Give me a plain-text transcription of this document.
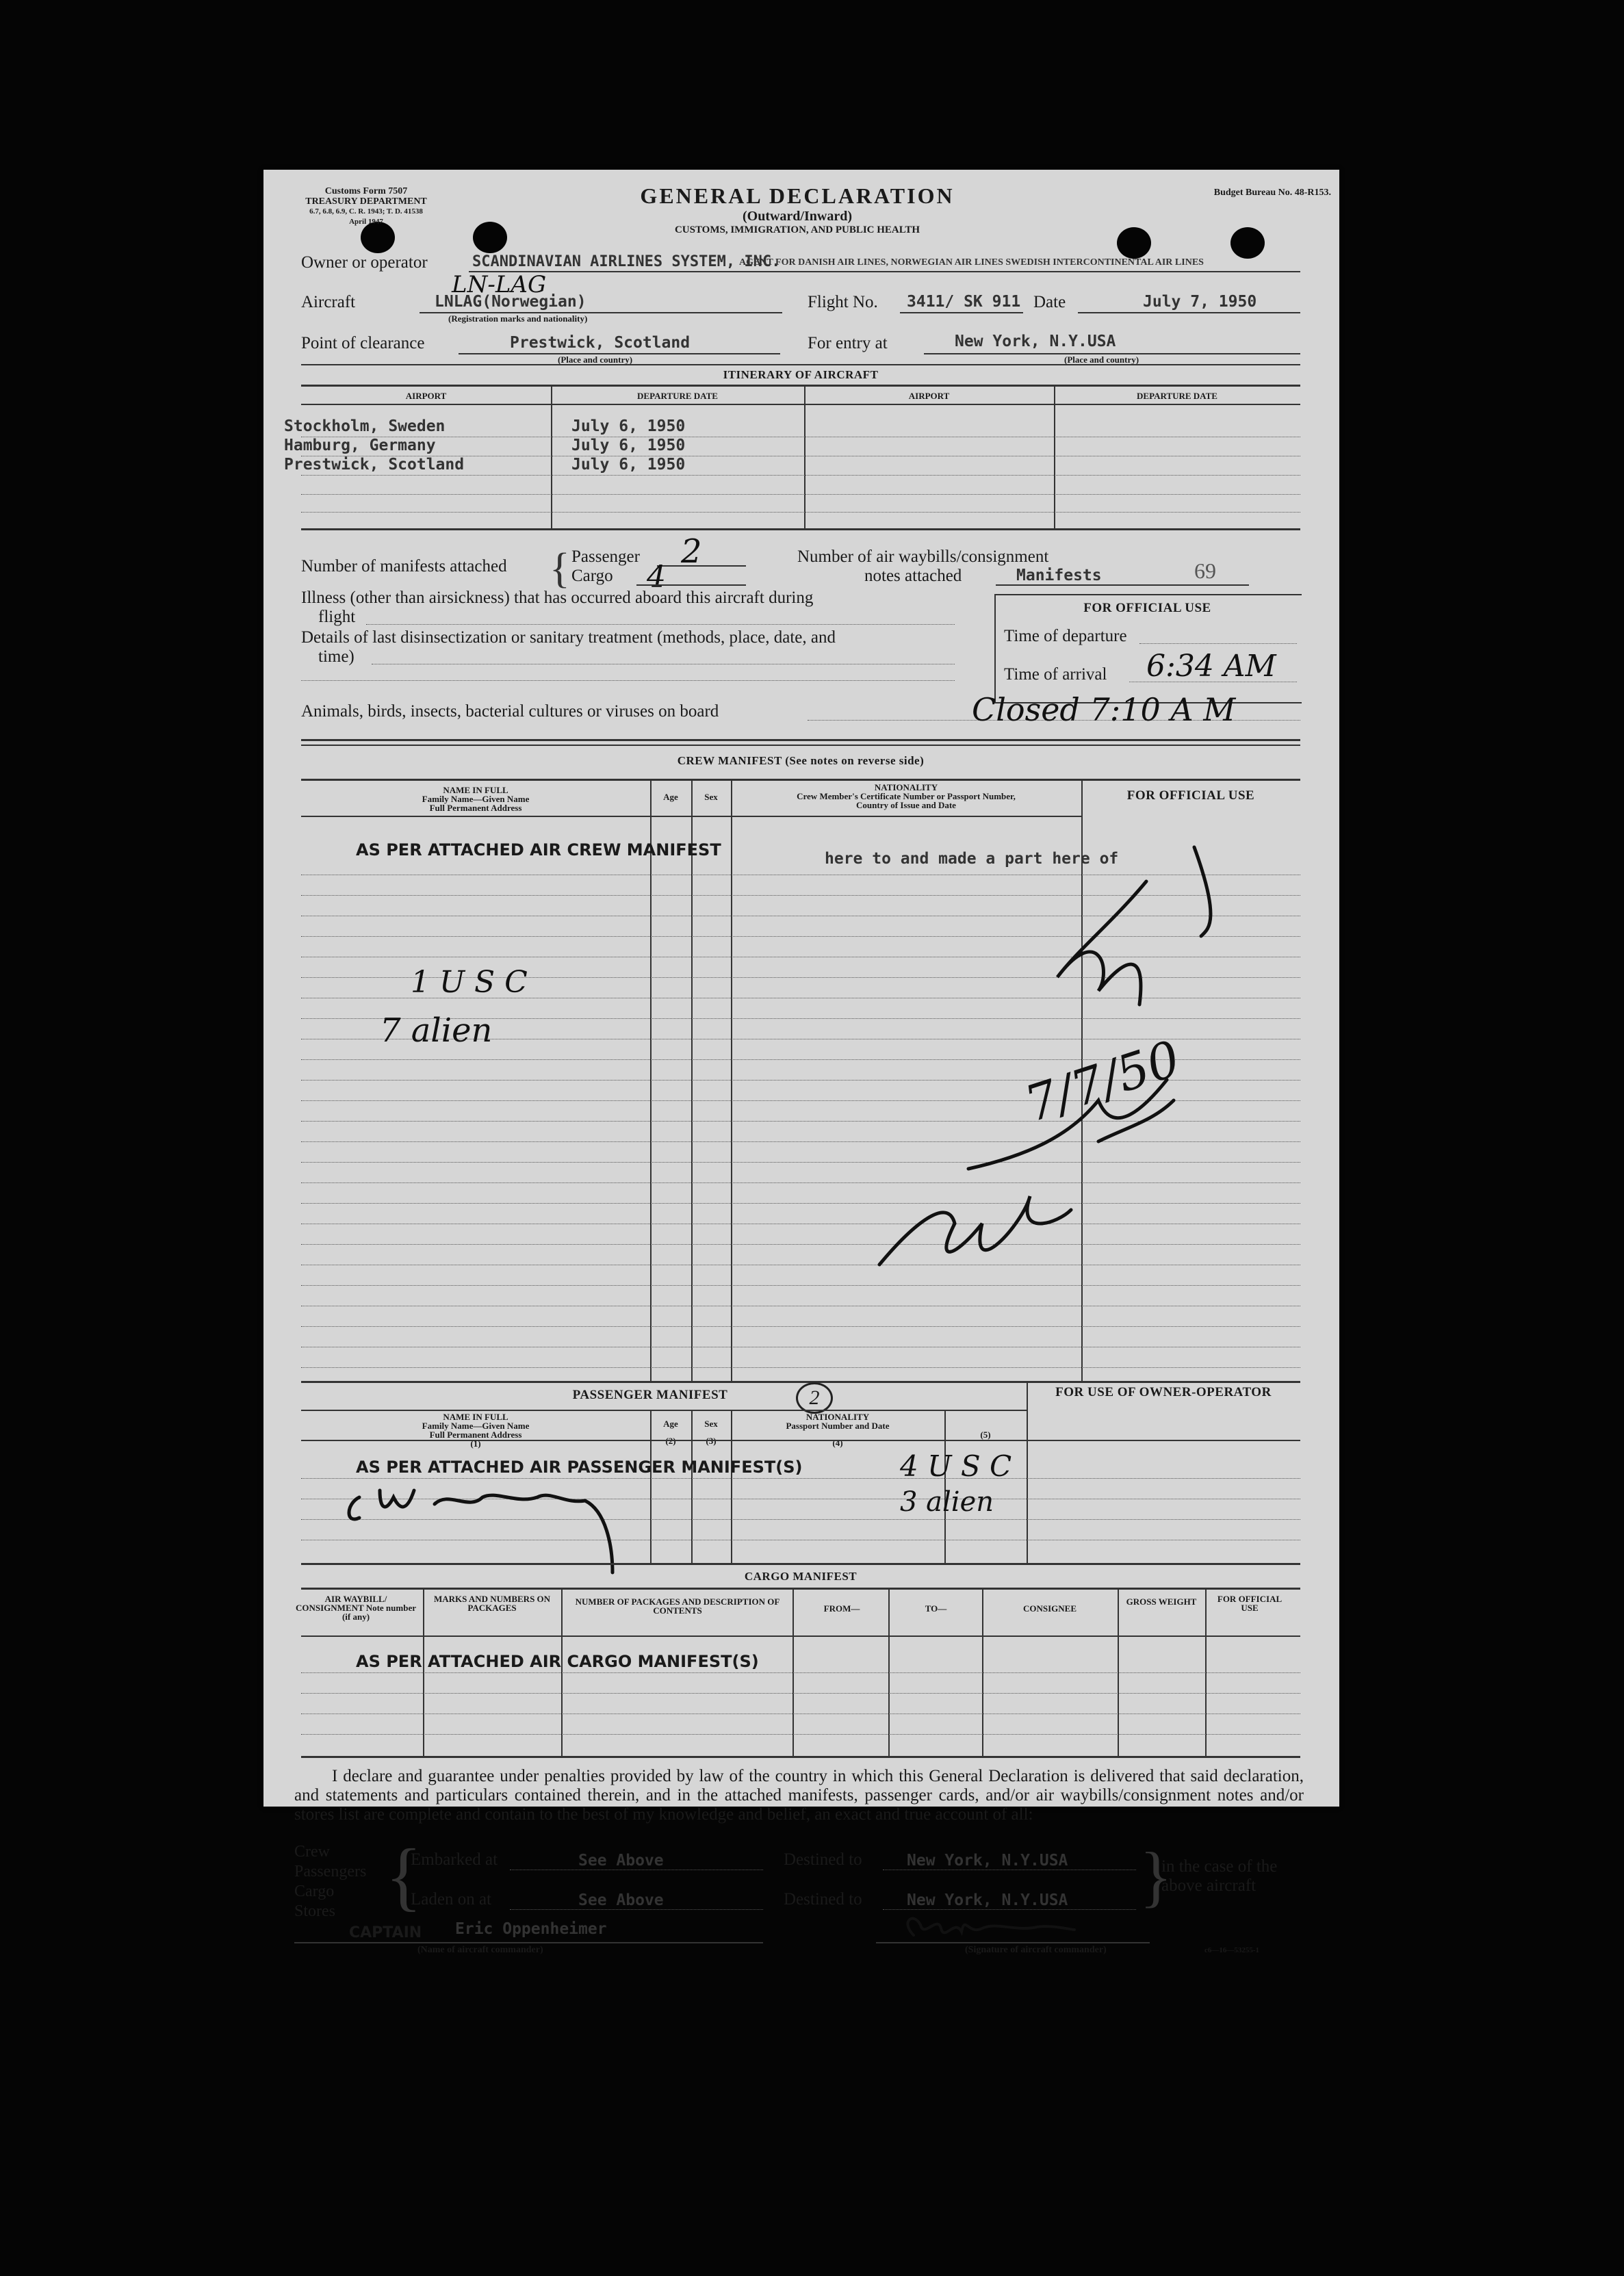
Customs Form 7507
TREASURY DEPARTMENT
6.7, 6.8, 6.9, C. R. 1943; T. D. 41538
April 1947
GENERAL DECLARATION
(Outward/Inward)
CUSTOMS, IMMIGRATION, AND PUBLIC HEALTH
Budget Bureau No. 48-R153.
Owner or operator	SCANDINAVIAN AIRLINES SYSTEM, INC.
AGENT FOR DANISH AIR LINES, NORWEGIAN AIR LINES SWEDISH INTERCONTINENTAL AIR LINES
LN-LAG
Aircraft	LNLAG(Norwegian)
(Registration marks and nationality)
Flight No. 3411/ SK 911 Date	July 7, 1950
Point of clearance	Prestwick, Scotland
(Place and country)
For entry at	New York, N.Y.USA
(Place and country)
ITINERARY OF AIRCRAFT
AIRPORT	DEPARTURE DATE	AIRPORT	DEPARTURE DATE
Stockholm, Sweden	July 6, 1950
Hamburg, Germany	July 6, 1950
Prestwick, Scotland	July 6, 1950
Number of manifests attached { Passenger 2
Cargo 4
Number of air waybills/consignment
notes attached	Manifests	69
Illness (other than airsickness) that has occurred aboard this aircraft during
flight
Details of last disinsectization or sanitary treatment (methods, place, date, and
time)
Animals, birds, insects, bacterial cultures or viruses on board
FOR OFFICIAL USE
Time of departure
Time of arrival 6:34 AM
Closed 7:10 A M
CREW MANIFEST (See notes on reverse side)
NAME IN FULL
Family Name—Given Name
Full Permanent Address
Age	Sex
NATIONALITY
Crew Member's Certificate Number or Passport Number,
Country of Issue and Date
FOR OFFICIAL USE
AS PER ATTACHED AIR CREW MANIFEST	here to and made a part here of
1 U S C
7 alien	7/7/50
PASSENGER MANIFEST	2	FOR USE OF OWNER-OPERATOR
NAME IN FULL
Family Name—Given Name
Full Permanent Address
(1)
Age
(2)
Sex
(3)
NATIONALITY
Passport Number and Date
(4)
(5)
AS PER ATTACHED AIR PASSENGER MANIFEST(S)	4 U S C
3 alien
CARGO MANIFEST
AIR WAYBILL/ CONSIGNMENT Note number (if any)
MARKS AND NUMBERS ON PACKAGES
NUMBER OF PACKAGES AND DESCRIPTION OF CONTENTS	FROM—	TO—	CONSIGNEE
GROSS WEIGHT	FOR OFFICIAL USE
AS PER ATTACHED AIR CARGO MANIFEST(S)
I declare and guarantee under penalties provided by law of the country in which this General Declaration is delivered that said declaration, and statements and particulars contained therein, and in the attached manifests, passenger cards, and/or air waybills/consignment notes and/or stores list are complete and contain to the best of my knowledge and belief, an exact and true account of all:
Crew
Passengers
Cargo
Stores {
Embarked at	See Above
Laden on at	See Above
Destined to	New York, N.Y.USA
Destined to	New York, N.Y.USA }
in the case of the
above aircraft
CAPTAIN Eric Oppenheimer
(Name of aircraft commander)	(Signature of aircraft commander)	c6—16—53255-1
